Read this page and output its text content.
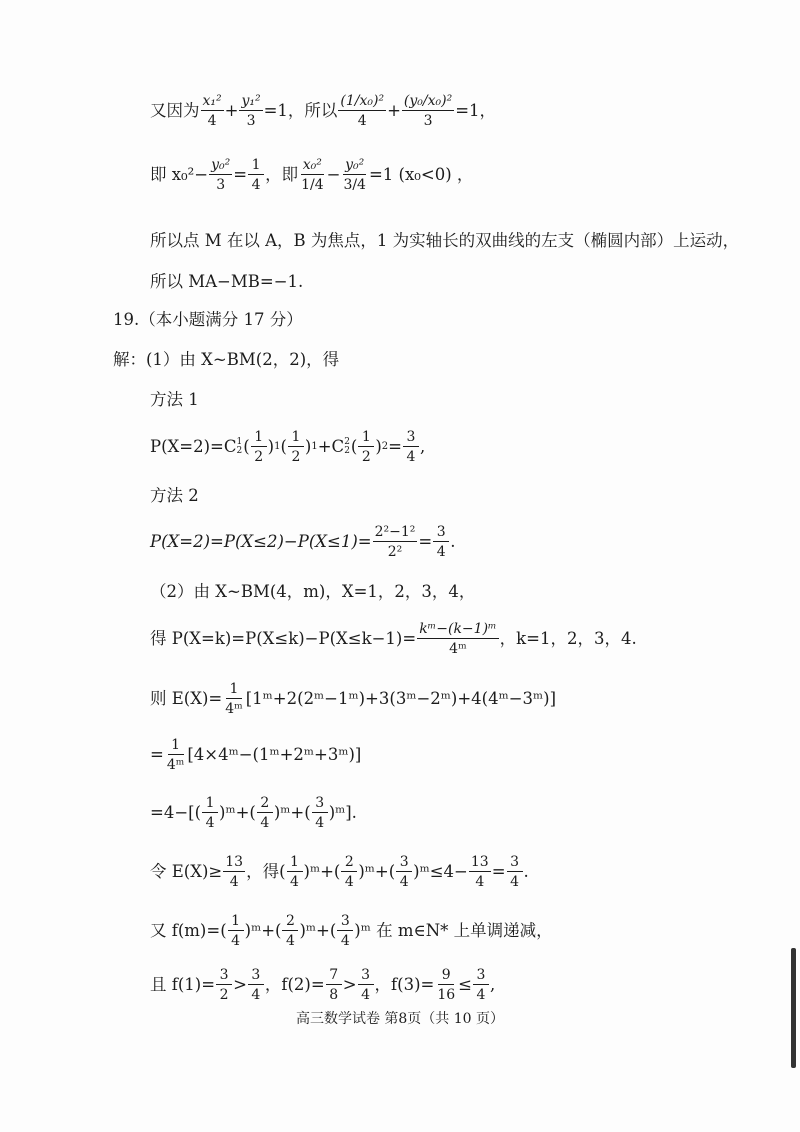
又因为 $\frac{\text{x₁²}}{4} + \frac{\text{y₁²}}{3} =1$，所以 $\frac{\text{(1/x₀)²}}{4} + \frac{\text{(y₀/x₀)²}}{3} =1$，
即 $x_0^2- \frac{\text{y₀²}}{3} = \frac{1}{4}$ ，即 $\frac{\text{x₀²}}{1/4} - \frac{\text{y₀²}}{3/4} =1$ (x₀<0) ，
所以点 M 在以 A，B 为焦点，1 为实轴长的双曲线的左支（椭圆内部）上运动，
所以 MA−MB=−1.
19.（本小题满分 17 分）
解：(1）由 X~BM(2，2)，得
方法 1
P(X=2)=C 1
2 ( $\frac{1}{2}$ ) 1 ( $\frac{1}{2}$ ) 1 +C 2
2 ( $\frac{1}{2}$ ) $2 = \frac{3}{4}$ ,
方法 2
$P(X=2)=P(X\le 2)-P(X\le 1)= \frac{\text{2²−1²}}{\text{2²}} = \frac{3}{4}$ .
（2）由 X~BM(4，m)，X=1，2，3，4，
得 $P(X=k)=P(X\le k)-P(X\le k-1)= \frac{\text{kᵐ−(k−1)ᵐ}}{\text{4ᵐ}}$ ，k=1，2，3，4.
则 $E(X)= \frac{1}{\text{4ᵐ}}$ [1ᵐ+2(2ᵐ−1ᵐ)+3(3ᵐ−2ᵐ)+4(4ᵐ−3ᵐ)]
= $\frac{1}{\text{4ᵐ}}$ [4×4ᵐ−(1ᵐ+2ᵐ+3ᵐ)]
$=4-[( \frac{1}{4}$ )ᵐ+( $\frac{2}{4}$ )ᵐ+( $\frac{3}{4}$ )ᵐ].
令 $E(X)\ge \frac{13}{4}$ ，得( $\frac{1}{4}$ )ᵐ+( $\frac{2}{4}$ )ᵐ+( $\frac{3}{4}$ )ᵐ≤4− $\frac{13}{4} = \frac{3}{4}$ .
又 $f(m)=( \frac{1}{4}$ )ᵐ+( $\frac{2}{4}$ )ᵐ+( $\frac{3}{4}$ )ᵐ 在 m∈N* 上单调递减，
且 $f(1)= \frac{3}{2} > \frac{3}{4}$ ，$f(2)= \frac{7}{8} > \frac{3}{4}$ ，$f(3)= \frac{9}{16} \le \frac{3}{4}$ ,
高三数学试卷 第8页（共 10 页）
